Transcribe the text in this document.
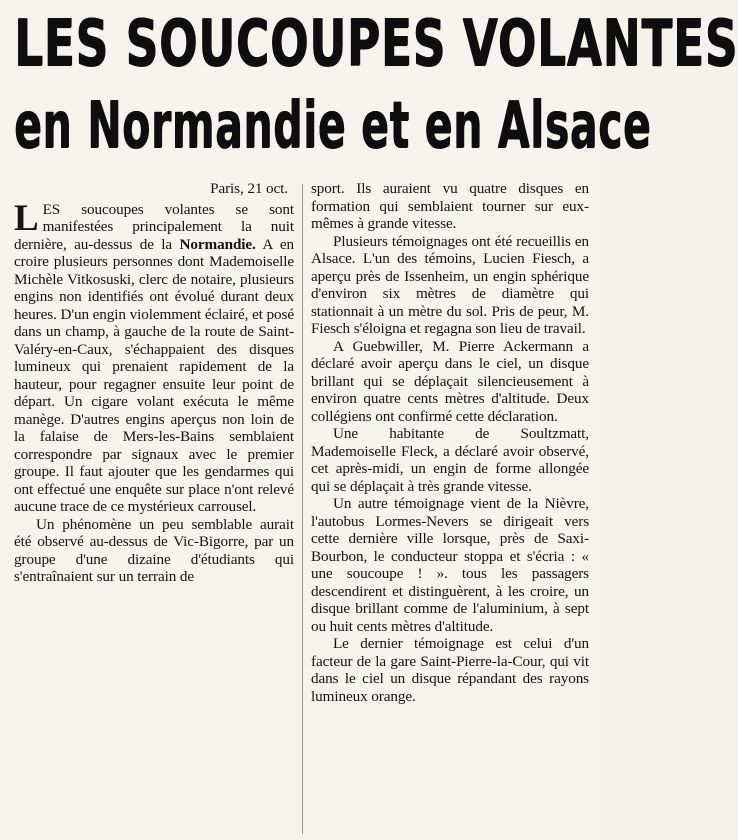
LES SOUCOUPES VOLANTES
en Normandie et en Alsace
Paris, 21 oct.

LES soucoupes volantes se sont manifestées principalement la nuit dernière, au-dessus de la Normandie. A en croire plusieurs personnes dont Mademoiselle Michèle Vitkosuski, clerc de notaire, plusieurs engins non identifiés ont évolué durant deux heures. D'un engin violemment éclairé, et posé dans un champ, à gauche de la route de Saint-Valéry-en-Caux, s'échappaient des disques lumineux qui prenaient rapidement de la hauteur, pour regagner ensuite leur point de départ. Un cigare volant exécuta le même manège. D'autres engins aperçus non loin de la falaise de Mers-les-Bains semblaient correspondre par signaux avec le premier groupe. Il faut ajouter que les gendarmes qui ont effectué une enquête sur place n'ont relevé aucune trace de ce mystérieux carrousel.

Un phénomène un peu semblable aurait été observé au-dessus de Vic-Bigorre, par un groupe d'une dizaine d'étudiants qui s'entraînaient sur un terrain de

sport. Ils auraient vu quatre disques en formation qui semblaient tourner sur eux-mêmes à grande vitesse.

Plusieurs témoignages ont été recueillis en Alsace. L'un des témoins, Lucien Fiesch, a aperçu près de Issenheim, un engin sphérique d'environ six mètres de diamètre qui stationnait à un mètre du sol. Pris de peur, M. Fiesch s'éloigna et regagna son lieu de travail.

A Guebwiller, M. Pierre Ackermann a déclaré avoir aperçu dans le ciel, un disque brillant qui se déplaçait silencieusement à environ quatre cents mètres d'altitude. Deux collégiens ont confirmé cette déclaration.

Une habitante de Soultzmatt, Mademoiselle Fleck, a déclaré avoir observé, cet après-midi, un engin de forme allongée qui se déplaçait à très grande vitesse.

Un autre témoignage vient de la Nièvre, l'autobus Lormes-Nevers se dirigeait vers cette dernière ville lorsque, près de Saxi-Bourbon, le conducteur stoppa et s'écria : « une soucoupe ! ». tous les passagers descendirent et distinguèrent, à les croire, un disque brillant comme de l'aluminium, à sept ou huit cents mètres d'altitude.

Le dernier témoignage est celui d'un facteur de la gare Saint-Pierre-la-Cour, qui vit dans le ciel un disque répandant des rayons lumineux orange.
